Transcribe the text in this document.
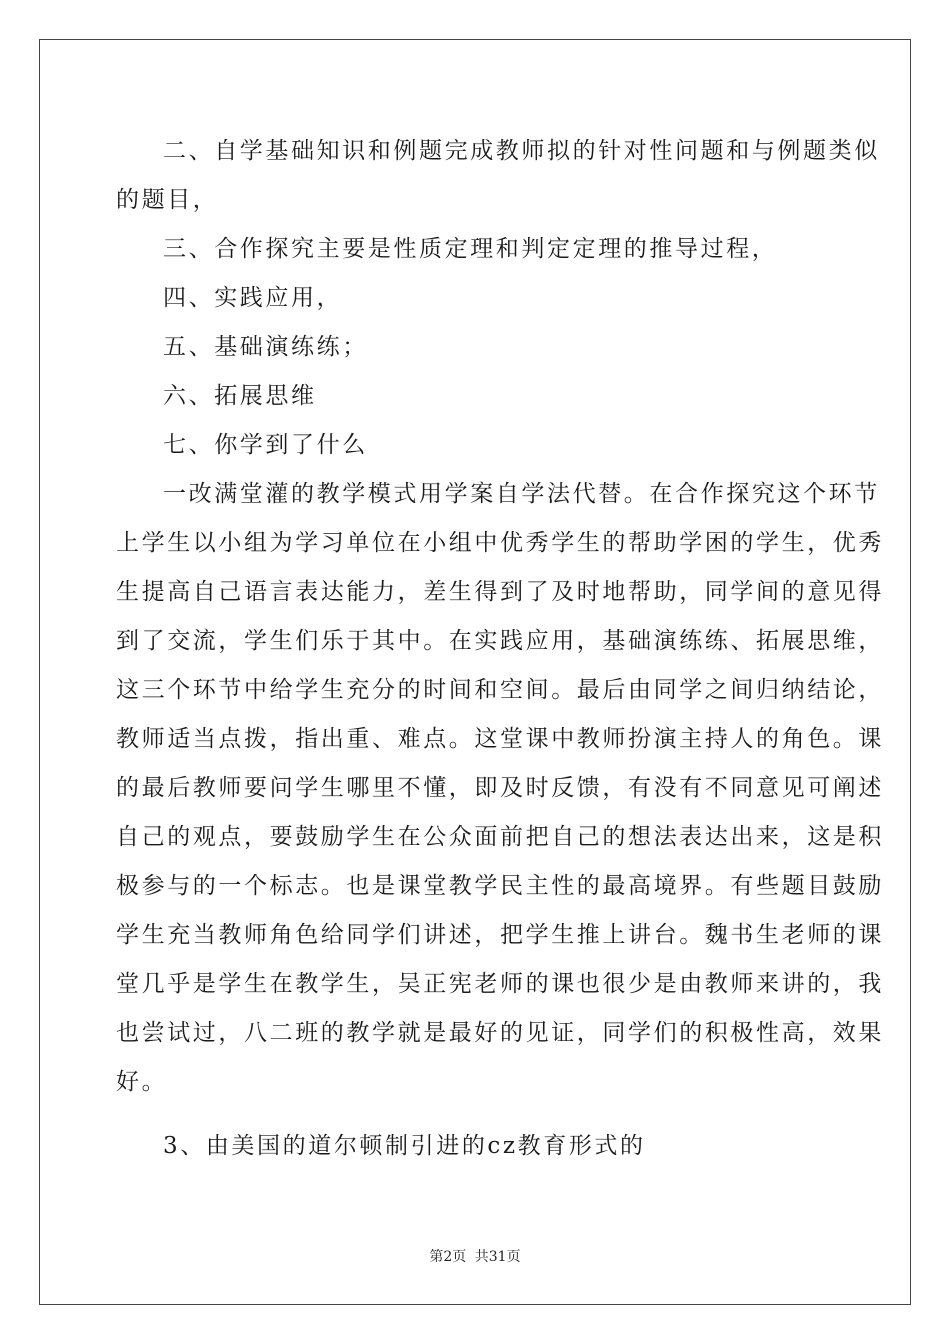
二、自学基础知识和例题完成教师拟的针对性问题和与例题类似
的题目，
三、合作探究主要是性质定理和判定定理的推导过程，
四、实践应用，
五、基础演练练；
六、拓展思维
七、你学到了什么
一改满堂灌的教学模式用学案自学法代替。在合作探究这个环节
上学生以小组为学习单位在小组中优秀学生的帮助学困的学生，优秀
生提高自己语言表达能力，差生得到了及时地帮助，同学间的意见得
到了交流，学生们乐于其中。在实践应用，基础演练练、拓展思维，
这三个环节中给学生充分的时间和空间。最后由同学之间归纳结论，
教师适当点拨，指出重、难点。这堂课中教师扮演主持人的角色。课
的最后教师要问学生哪里不懂，即及时反馈，有没有不同意见可阐述
自己的观点，要鼓励学生在公众面前把自己的想法表达出来，这是积
极参与的一个标志。也是课堂教学民主性的最高境界。有些题目鼓励
学生充当教师角色给同学们讲述，把学生推上讲台。魏书生老师的课
堂几乎是学生在教学生，吴正宪老师的课也很少是由教师来讲的，我
也尝试过，八二班的教学就是最好的见证，同学们的积极性高，效果
好。
3、由美国的道尔顿制引进的cz教育形式的
第2页 共31页
